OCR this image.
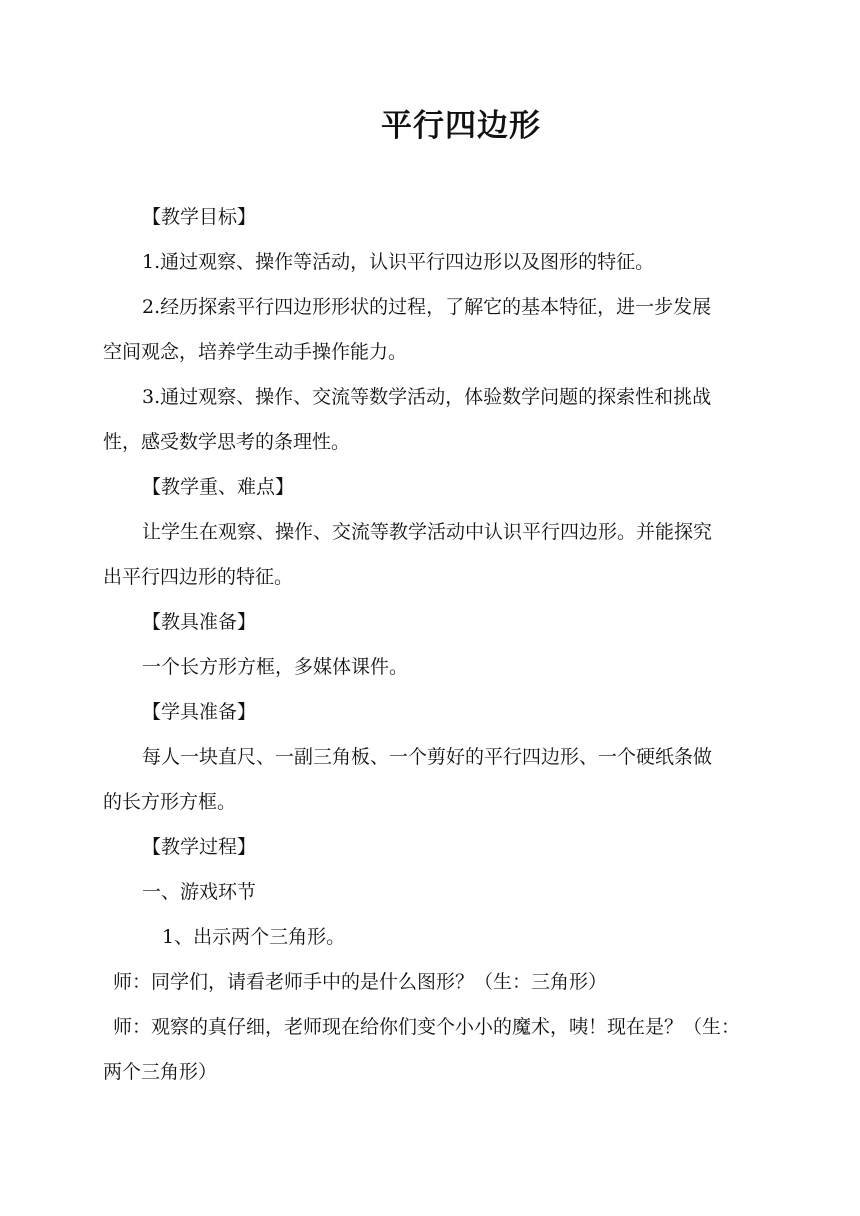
平行四边形
【教学目标】
1.通过观察、操作等活动，认识平行四边形以及图形的特征。
2.经历探索平行四边形形状的过程，了解它的基本特征，进一步发展
空间观念，培养学生动手操作能力。
3.通过观察、操作、交流等数学活动，体验数学问题的探索性和挑战
性，感受数学思考的条理性。
【教学重、难点】
让学生在观察、操作、交流等教学活动中认识平行四边形。并能探究
出平行四边形的特征。
【教具准备】
一个长方形方框，多媒体课件。
【学具准备】
每人一块直尺、一副三角板、一个剪好的平行四边形、一个硬纸条做
的长方形方框。
【教学过程】
一、游戏环节
1、出示两个三角形。
师：同学们，请看老师手中的是什么图形？（生：三角形）
师：观察的真仔细，老师现在给你们变个小小的魔术，咦！现在是？（生：
两个三角形）
